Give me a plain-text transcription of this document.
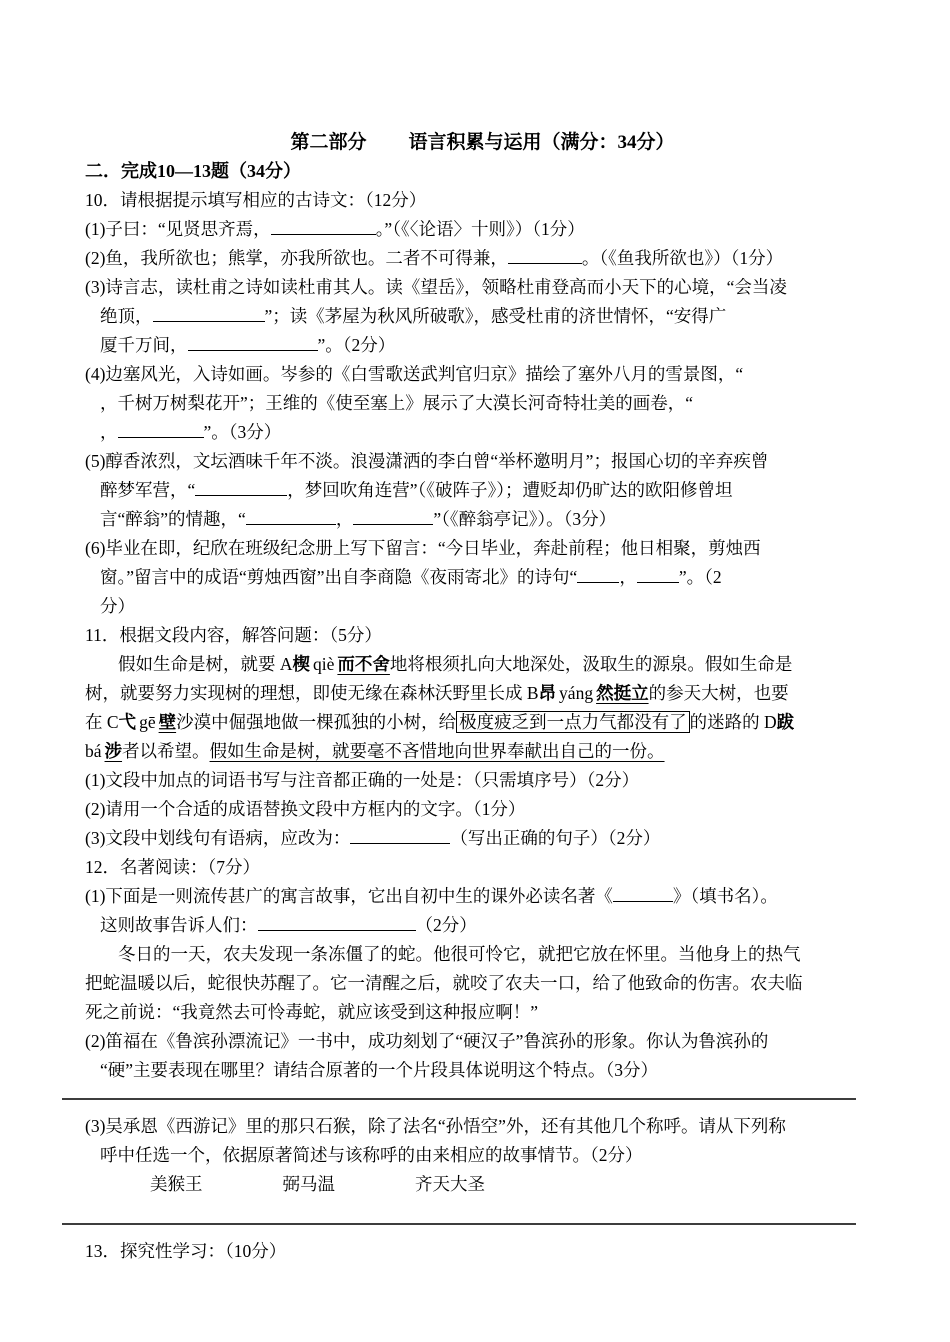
第二部分 语言积累与运用（满分：34分）
二．完成10—13题（34分）
10．请根据提示填写相应的古诗文：（12分）
(1)子曰：“见贤思齐焉，	。”（《〈论语〉十则》）（1分）
(2)鱼，我所欲也；熊掌，亦我所欲也。二者不可得兼，	。（《鱼我所欲也》）（1分）
(3)诗言志，读杜甫之诗如读杜甫其人。读《望岳》，领略杜甫登高而小天下的心境，“会当凌
绝顶，	”；读《茅屋为秋风所破歌》，感受杜甫的济世情怀，“安得广
厦千万间，	”。（2分）
(4)边塞风光，入诗如画。岑参的《白雪歌送武判官归京》描绘了塞外八月的雪景图，“
，千树万树梨花开”；王维的《使至塞上》展示了大漠长河奇特壮美的画卷，“
，	”。（3分）
(5)醇香浓烈，文坛酒味千年不淡。浪漫潇洒的李白曾“举杯邀明月”；报国心切的辛弃疾曾
醉梦军营，“	，梦回吹角连营”（《破阵子》）；遭贬却仍旷达的欧阳修曾坦
言“醉翁”的情趣，“	，	”（《醉翁亭记》）。（3分）
(6)毕业在即，纪欣在班级纪念册上写下留言：“今日毕业，奔赴前程；他日相聚，剪烛西
窗。”留言中的成语“剪烛西窗”出自李商隐《夜雨寄北》的诗句“ ， ”。（2
分）
11．根据文段内容，解答问题：（5分）
假如生命是树，就要 A楔 qiè 而不舍地将根须扎向大地深处，汲取生的源泉。假如生命是
树，就要努力实现树的理想，即使无缘在森林沃野里长成 B昂 yáng 然挺立的参天大树，也要
在 C弋 gē 壁沙漠中倔强地做一棵孤独的小树，给 极度疲乏到一点力气都没有了 的迷路的 D跋
bá 涉者以希望。假如生命是树，就要毫不吝惜地向世界奉献出自己的一份。
(1)文段中加点的词语书写与注音都正确的一处是：（只需填序号）（2分）
(2)请用一个合适的成语替换文段中方框内的文字。（1分）
(3)文段中划线句有语病，应改为：	（写出正确的句子）（2分）
12．名著阅读：（7分）
(1)下面是一则流传甚广的寓言故事，它出自初中生的课外必读名著《	》（填书名）。
这则故事告诉人们：	（2分）
冬日的一天，农夫发现一条冻僵了的蛇。他很可怜它，就把它放在怀里。当他身上的热气
把蛇温暖以后，蛇很快苏醒了。它一清醒之后，就咬了农夫一口，给了他致命的伤害。农夫临
死之前说：“我竟然去可怜毒蛇，就应该受到这种报应啊！”
(2)笛福在《鲁滨孙漂流记》一书中，成功刻划了“硬汉子”鲁滨孙的形象。你认为鲁滨孙的
“硬”主要表现在哪里？请结合原著的一个片段具体说明这个特点。（3分）
(3)吴承恩《西游记》里的那只石猴，除了法名“孙悟空”外，还有其他几个称呼。请从下列称
呼中任选一个，依据原著简述与该称呼的由来相应的故事情节。（2分）
美猴王	弼马温	齐天大圣
13．探究性学习：（10分）
